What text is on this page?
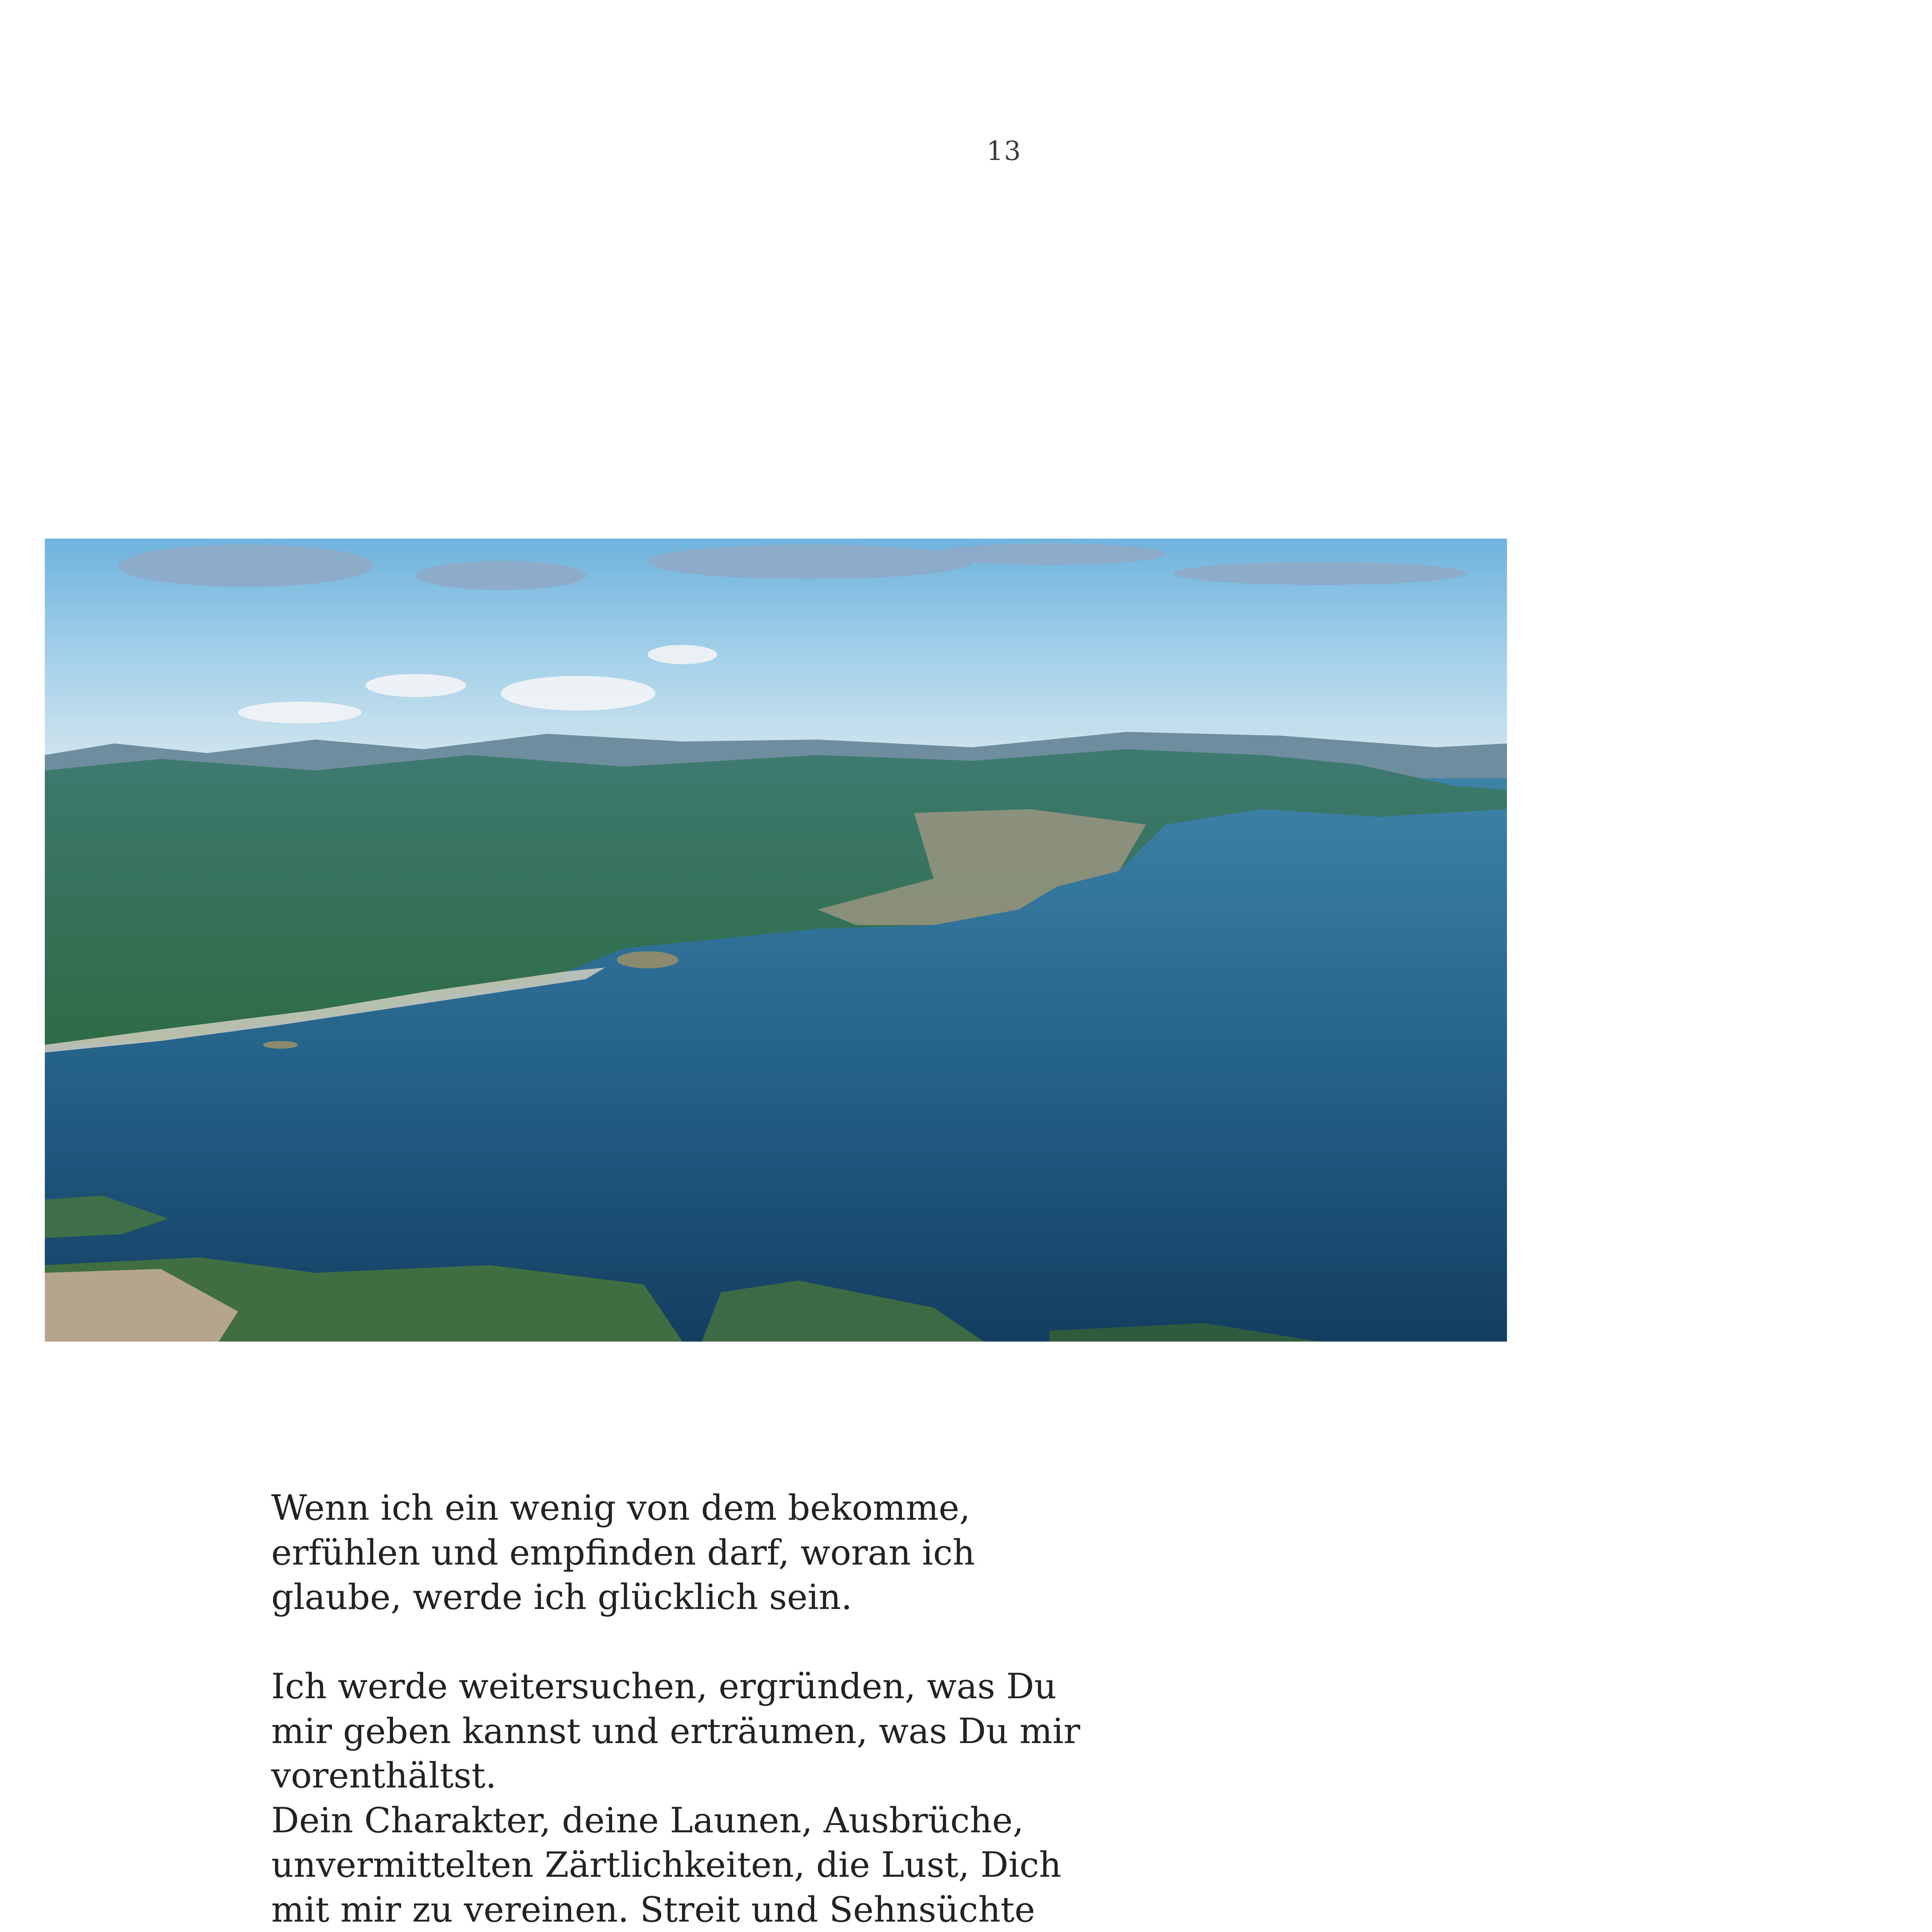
13
Wenn ich ein wenig von dem bekomme,
erfühlen und empfinden darf, woran ich
glaube, werde ich glücklich sein.
Ich werde weitersuchen, ergründen, was Du
mir geben kannst und erträumen, was Du mir
vorenthältst.
Dein Charakter, deine Launen, Ausbrüche,
unvermittelten Zärtlichkeiten, die Lust, Dich
mit mir zu vereinen. Streit und Sehnsüchte
